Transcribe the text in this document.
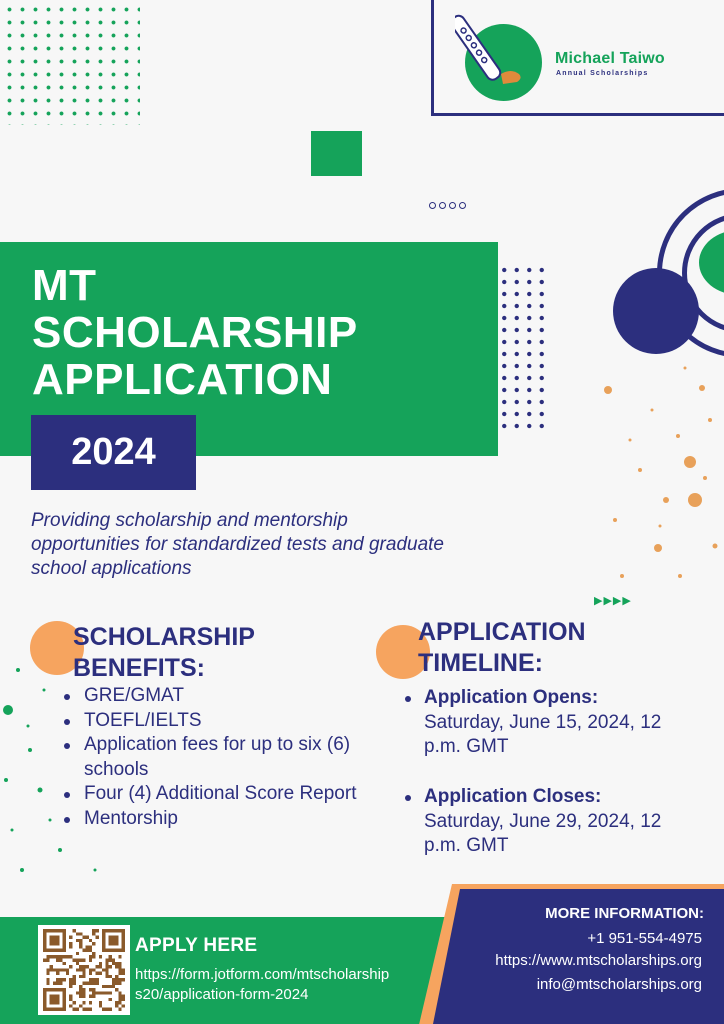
Michael Taiwo
Annual Scholarships
MT
SCHOLARSHIP
APPLICATION
2024
Providing scholarship and mentorship opportunities for standardized tests and graduate school applications
▶▶▶▶
SCHOLARSHIP
BENEFITS:
GRE/GMAT
TOEFL/IELTS
Application fees for up to six (6) schools
Four (4) Additional Score Report
Mentorship
APPLICATION
TIMELINE:
Application Opens:
Saturday, June 15, 2024, 12 p.m. GMT
Application Closes:
Saturday, June 29, 2024, 12 p.m. GMT
APPLY HERE
https://form.jotform.com/mtscholarships20/application-form-2024
MORE INFORMATION:
+1 951-554-4975
https://www.mtscholarships.org
info@mtscholarships.org
